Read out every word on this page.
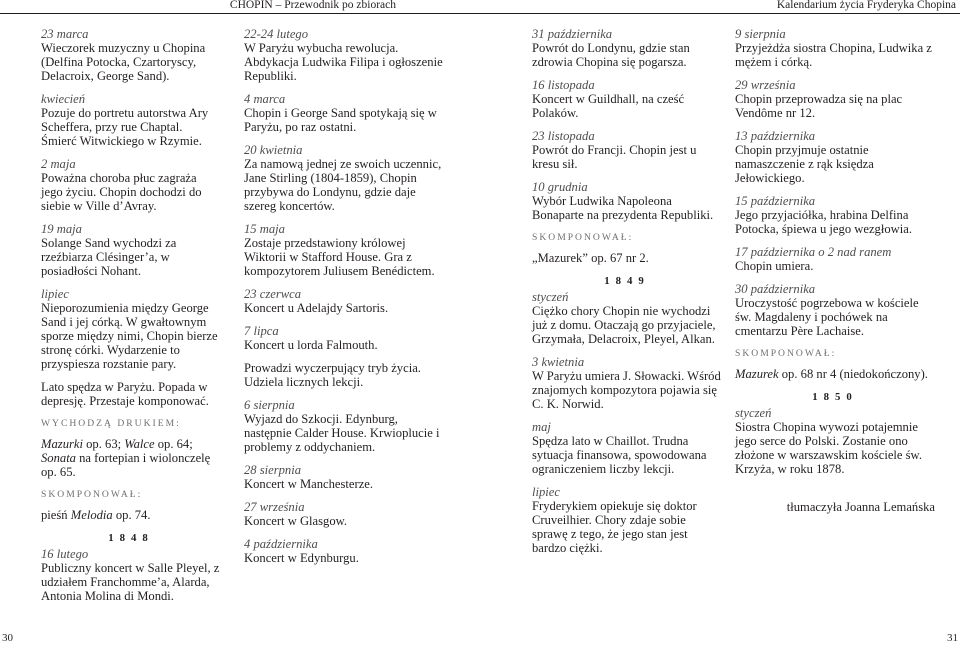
CHOPIN – Przewodnik po zbiorach
23 marca
Wieczorek muzyczny u Chopina (Delfina Potocka, Czartoryscy, Delacroix, George Sand).
kwiecień
Pozuje do portretu autorstwa Ary Scheffera, przy rue Chaptal. Śmierć Witwickiego w Rzymie.
2 maja
Poważna choroba płuc zagraża jego życiu. Chopin dochodzi do siebie w Ville d’Avray.
19 maja
Solange Sand wychodzi za rzeźbiarza Clésinger’a, w posiadłości Nohant.
lipiec
Nieporozumienia między George Sand i jej córką. W gwałtownym sporze między nimi, Chopin bierze stronę córki. Wydarzenie to przyspiesza rozstanie pary.
Lato spędza w Paryżu. Popada w depresję. Przestaje komponować.
WYCHODZĄ DRUKIEM:
Mazurki op. 63; Walce op. 64; Sonata na fortepian i wiolonczelę op. 65.
SKOMPONOWAŁ:
pieśń Melodia op. 74.
1848
16 lutego
Publiczny koncert w Salle Pleyel, z udziałem Franchomme’a, Alarda, Antonia Molina di Mondi.
22-24 lutego
W Paryżu wybucha rewolucja. Abdykacja Ludwika Filipa i ogłoszenie Republiki.
4 marca
Chopin i George Sand spotykają się w Paryżu, po raz ostatni.
20 kwietnia
Za namową jednej ze swoich uczennic, Jane Stirling (1804-1859), Chopin przybywa do Londynu, gdzie daje szereg koncertów.
15 maja
Zostaje przedstawiony królowej Wiktorii w Stafford House. Gra z kompozytorem Juliusem Benédictem.
23 czerwca
Koncert u Adelajdy Sartoris.
7 lipca
Koncert u lorda Falmouth.
Prowadzi wyczerpujący tryb życia. Udziela licznych lekcji.
6 sierpnia
Wyjazd do Szkocji. Edynburg, następnie Calder House. Krwioplucie i problemy z oddychaniem.
28 sierpnia
Koncert w Manchesterze.
27 września
Koncert w Glasgow.
4 października
Koncert w Edynburgu.
30
Kalendarium życia Fryderyka Chopina
31 października
Powrót do Londynu, gdzie stan zdrowia Chopina się pogarsza.
16 listopada
Koncert w Guildhall, na cześć Polaków.
23 listopada
Powrót do Francji. Chopin jest u kresu sił.
10 grudnia
Wybór Ludwika Napoleona Bonaparte na prezydenta Republiki.
SKOMPONOWAŁ:
„Mazurek” op. 67 nr 2.
1849
styczeń
Ciężko chory Chopin nie wychodzi już z domu. Otaczają go przyjaciele, Grzymała, Delacroix, Pleyel, Alkan.
3 kwietnia
W Paryżu umiera J. Słowacki. Wśród znajomych kompozytora pojawia się C. K. Norwid.
maj
Spędza lato w Chaillot. Trudna sytuacja finansowa, spowodowana ograniczeniem liczby lekcji.
lipiec
Fryderykiem opiekuje się doktor Cruveilhier. Chory zdaje sobie sprawę z tego, że jego stan jest bardzo ciężki.
9 sierpnia
Przyjeżdża siostra Chopina, Ludwika z mężem i córką.
29 września
Chopin przeprowadza się na plac Vendôme nr 12.
13 października
Chopin przyjmuje ostatnie namaszczenie z rąk księdza Jełowickiego.
15 października
Jego przyjaciółka, hrabina Delfina Potocka, śpiewa u jego wezgłowia.
17 października o 2 nad ranem
Chopin umiera.
30 października
Uroczystość pogrzebowa w kościele św. Magdaleny i pochówek na cmentarzu Père Lachaise.
SKOMPONOWAŁ:
Mazurek op. 68 nr 4 (niedokończony).
1850
styczeń
Siostra Chopina wywozi potajemnie jego serce do Polski. Zostanie ono złożone w warszawskim kościele św. Krzyża, w roku 1878.
tłumaczyła Joanna Lemańska
31
